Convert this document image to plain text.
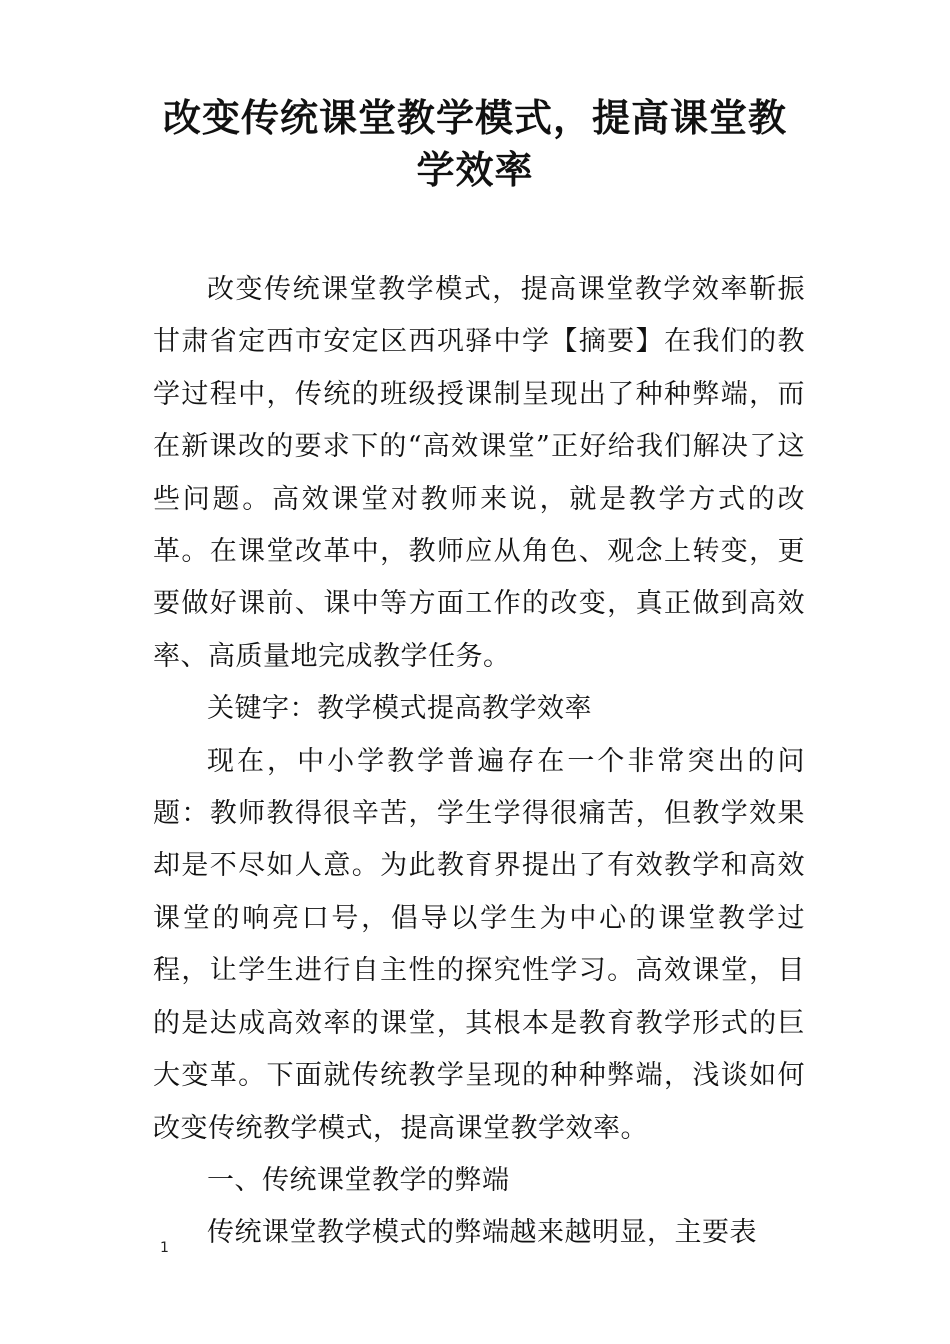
改变传统课堂教学模式，提高课堂教学效率

改变传统课堂教学模式，提高课堂教学效率靳振甘肃省定西市安定区西巩驿中学【摘要】在我们的教学过程中，传统的班级授课制呈现出了种种弊端，而在新课改的要求下的“高效课堂”正好给我们解决了这些问题。高效课堂对教师来说，就是教学方式的改革。在课堂改革中，教师应从角色、观念上转变，更要做好课前、课中等方面工作的改变，真正做到高效率、高质量地完成教学任务。

关键字：教学模式提高教学效率

现在，中小学教学普遍存在一个非常突出的问题：教师教得很辛苦，学生学得很痛苦，但教学效果却是不尽如人意。为此教育界提出了有效教学和高效课堂的响亮口号，倡导以学生为中心的课堂教学过程，让学生进行自主性的探究性学习。高效课堂，目的是达成高效率的课堂，其根本是教育教学形式的巨大变革。下面就传统教学呈现的种种弊端，浅谈如何改变传统教学模式，提高课堂教学效率。

一、传统课堂教学的弊端

传统课堂教学模式的弊端越来越明显，主要表

1
